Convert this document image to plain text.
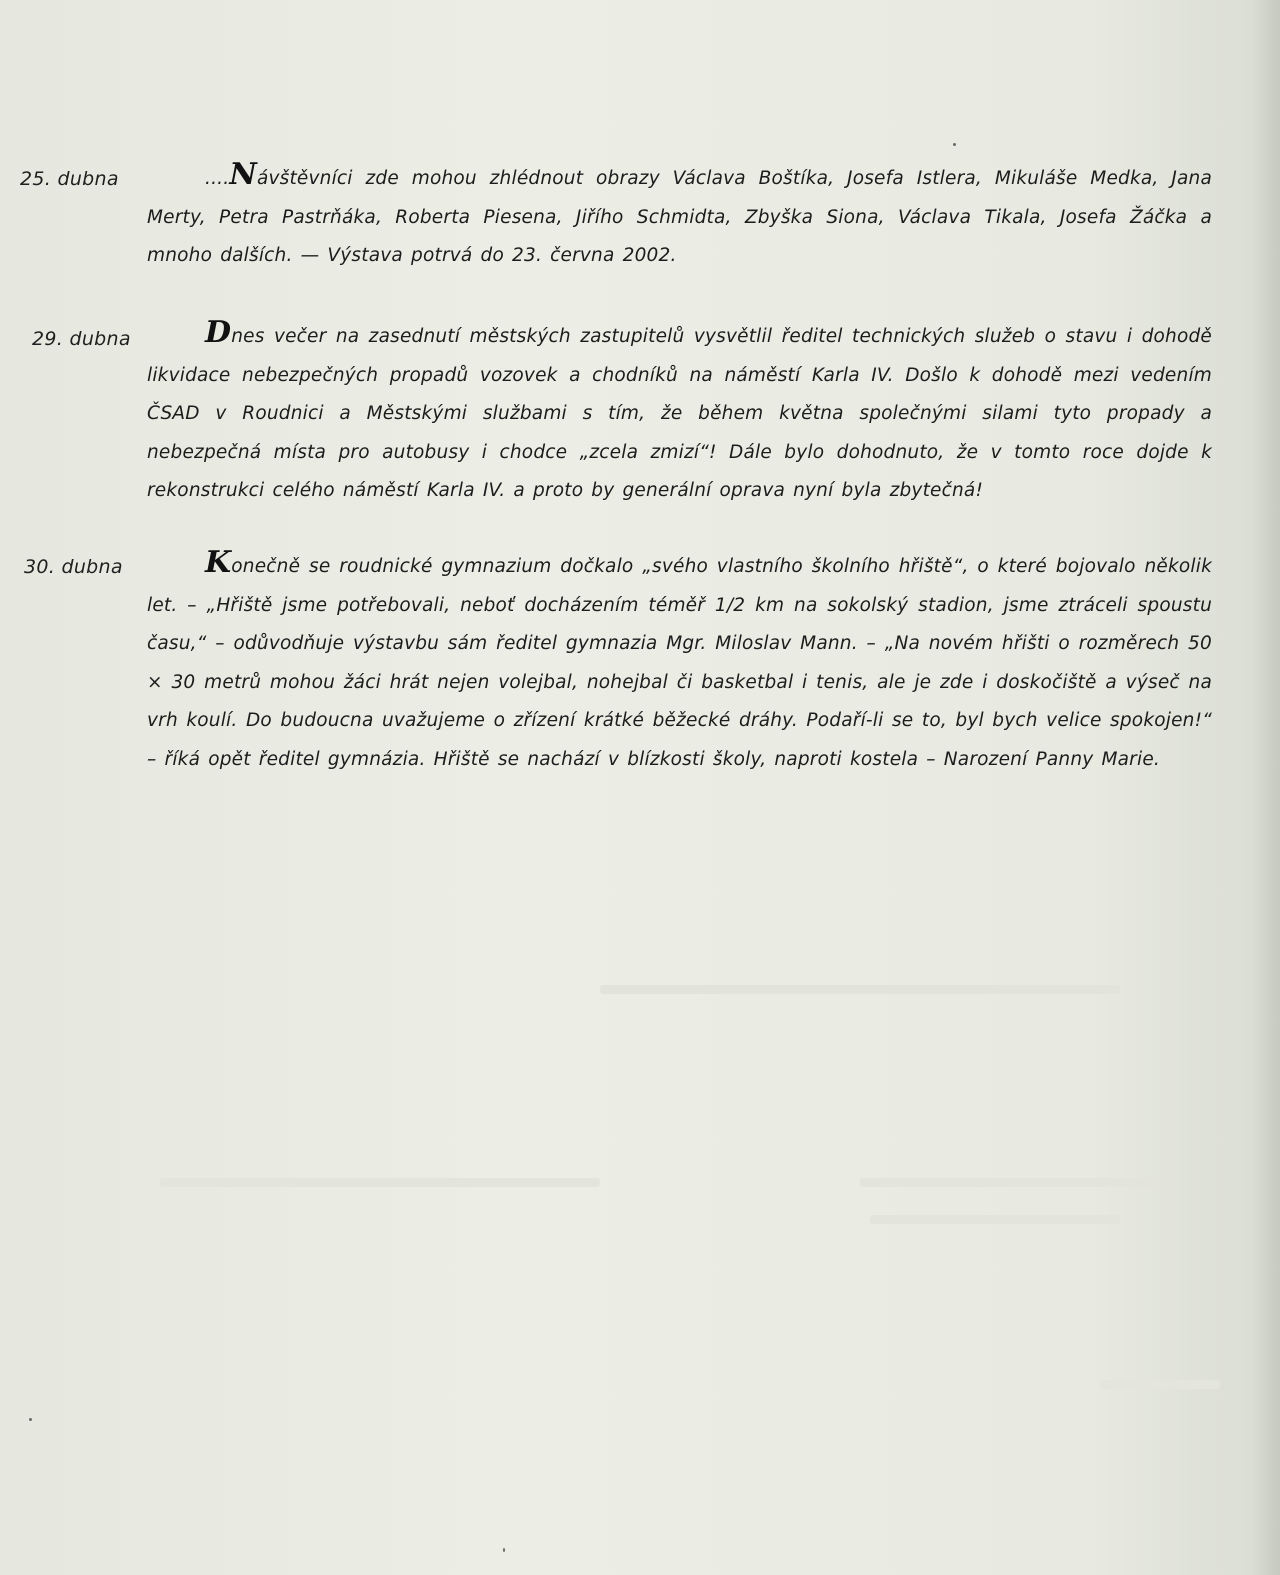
25. dubna	....Návštěvníci zde mohou zhlédnout obrazy Václava Boštíka, Josefa Istlera, Mikuláše Medka, Jana Merty, Petra Pastrňáka, Roberta Piesena, Jiřího Schmidta, Zbyška Siona, Václava Tikala, Josefa Žáčka a mnoho dalších. — Výstava potrvá do 23. června 2002.
29. dubna	Dnes večer na zasednutí městských zastupitelů vysvětlil ředitel technických služeb o stavu i dohodě likvidace nebezpečných propadů vozovek a chodníků na náměstí Karla IV. Došlo k dohodě mezi vedením ČSAD v Roudnici a Městskými službami s tím, že během května společnými silami tyto propady a nebezpečná místa pro autobusy i chodce „zcela zmizí“! Dále bylo dohodnuto, že v tomto roce dojde k rekonstrukci celého náměstí Karla IV. a proto by generální oprava nyní byla zbytečná!
30. dubna	Konečně se roudnické gymnazium dočkalo „svého vlastního školního hřiště“, o které bojovalo několik let. – „Hřiště jsme potřebovali, neboť docházením téměř 1/2 km na sokolský stadion, jsme ztráceli spoustu času,“ – odůvodňuje výstavbu sám ředitel gymnazia Mgr. Miloslav Mann. – „Na novém hřišti o rozměrech 50 × 30 metrů mohou žáci hrát nejen volejbal, nohejbal či basketbal i tenis, ale je zde i doskočiště a výseč na vrh koulí. Do budoucna uvažujeme o zřízení krátké běžecké dráhy. Podaří-li se to, byl bych velice spokojen!“ – říká opět ředitel gymnázia. Hřiště se nachází v blízkosti školy, naproti kostela – Narození Panny Marie.
